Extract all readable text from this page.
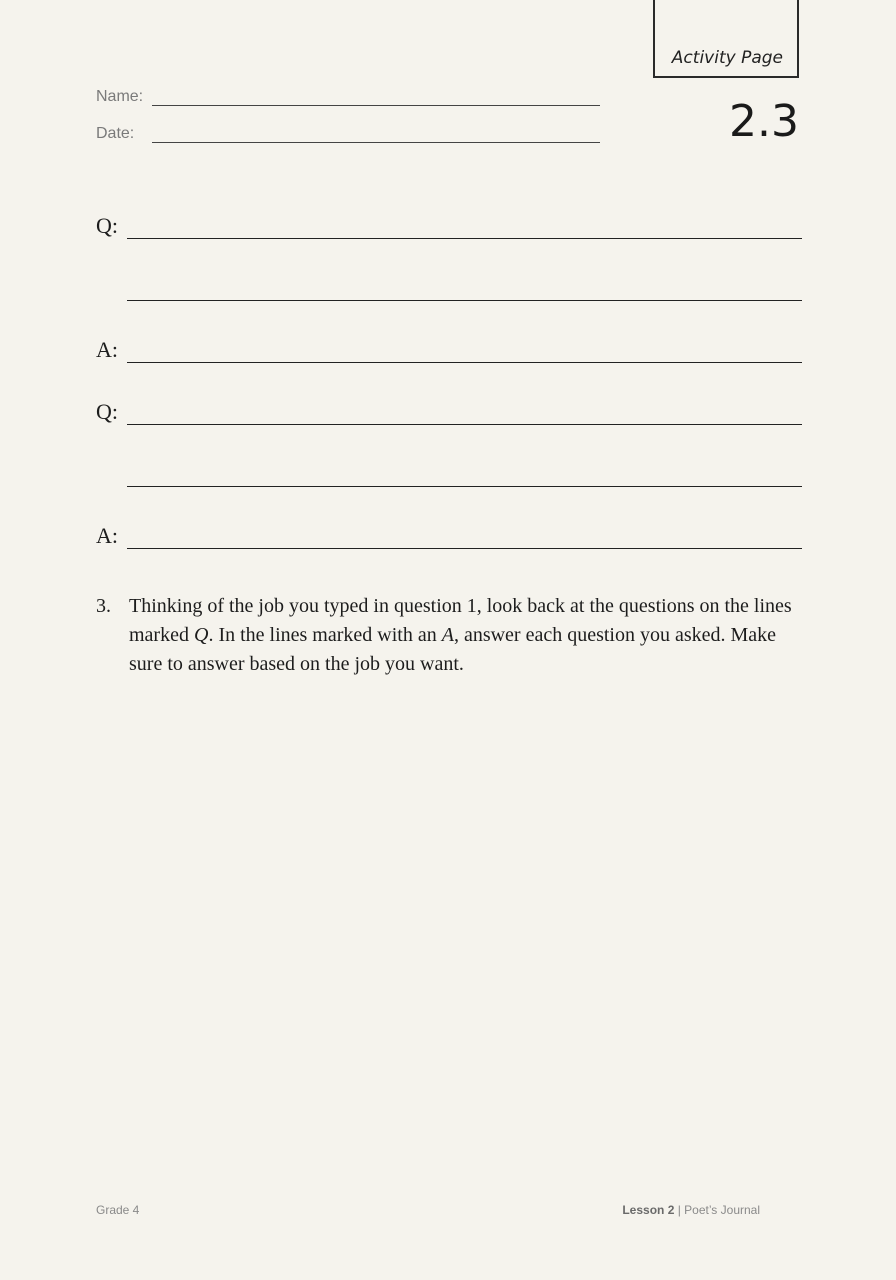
Activity Page
2.3
Name:
Date:
Q:
A:
Q:
A:
3. Thinking of the job you typed in question 1, look back at the questions on the lines marked Q. In the lines marked with an A, answer each question you asked. Make sure to answer based on the job you want.
Grade 4	Lesson 2 | Poet’s Journal
